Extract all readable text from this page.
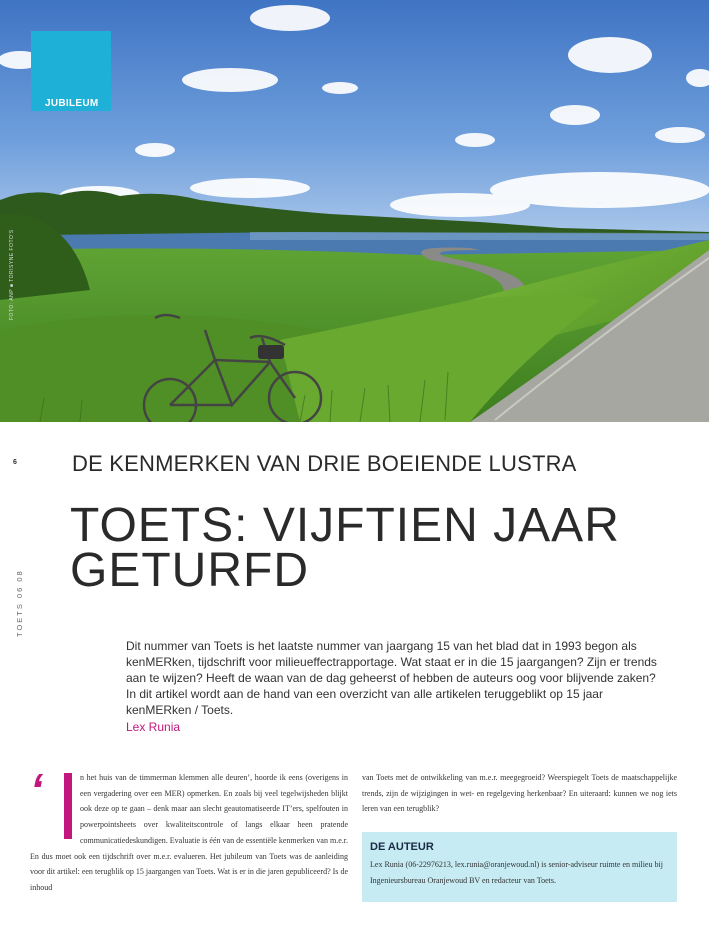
JUBILEUM
FOTO: ANP ■ TORISYNE FOTO'S
6
TOETS 06 08
DE KENMERKEN VAN DRIE BOEIENDE LUSTRA
TOETS: VIJFTIEN JAAR GETURFD
Dit nummer van Toets is het laatste nummer van jaargang 15 van het blad dat in 1993 begon als kenMERken, tijdschrift voor milieueffectrapportage. Wat staat er in die 15 jaargangen? Zijn er trends aan te wijzen? Heeft de waan van de dag geheerst of hebben de auteurs oog voor blijvende zaken? In dit artikel wordt aan de hand van een overzicht van alle artikelen teruggeblikt op 15 jaar kenMERken / Toets.
Lex Runia
‘	n het huis van de timmerman klemmen alle deuren’, hoorde ik eens (overigens in een vergadering over een MER) opmerken. En zoals bij veel tegelwijsheden blijkt ook deze op te gaan – denk maar aan slecht geautomatiseerde IT’ers, spelfouten in powerpointsheets over kwaliteitscontrole of langs elkaar heen pratende communicatiedeskundigen. Evaluatie is één van de essentiële kenmerken van m.e.r. En dus moet ook een tijdschrift over m.e.r. evalueren. Het jubileum van Toets was de aanleiding voor dit artikel: een terugblik op 15 jaargangen van Toets. Wat is er in die jaren gepubliceerd? Is de inhoud

van Toets met de ontwikkeling van m.e.r. meegegroeid? Weerspiegelt Toets de maatschappelijke trends, zijn de wijzigingen in wet- en regelgeving herkenbaar? En uiteraard: kunnen we nog iets leren van een terugblik?

DE AUTEUR

Lex Runia (06-22976213, lex.runia@oranjewoud.nl) is senior-adviseur ruimte en milieu bij Ingenieursbureau Oranjewoud BV en redacteur van Toets.
